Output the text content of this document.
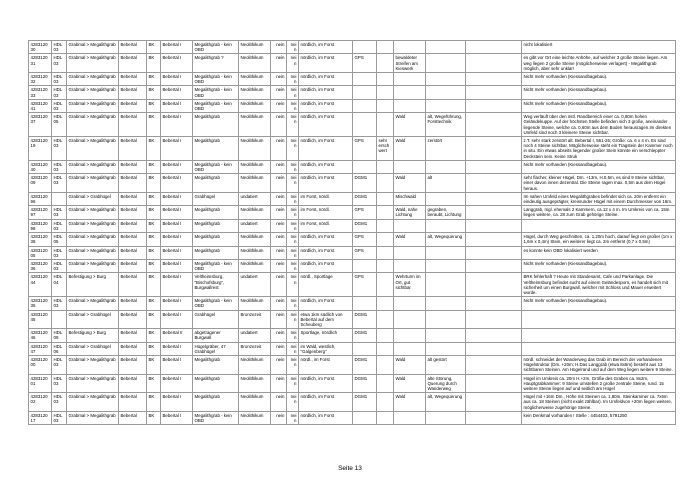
428312030	HDL 03	Grabmal > Megalithgrab	Bebertal	BK	Bebertal I	Megalithgrab - kein OBD	Neolithikum	nein	nein	nördlich, im Forst						nicht lokalisiert
428312031	HDL 03	Grabmal > Megalithgrab	Bebertal	BK	Bebertal I	Megalithgrab ?	Neolithikum	nein	nein	nördlich, im Forst	GPS		bewaldeter Streifen am Kieswerk			es gibt vor Ort eine leichte Anhöhe, auf welcher 3 große Steine liegen. Am weg liegen 2 große Steine (möglicherweise verlagert) - Megalithgrab möglich, aber sehr unklar!
428312032	HDL 03	Grabmal > Megalithgrab	Bebertal	BK	Bebertal I	Megalithgrab - kein OBD	Neolithikum	nein	nein	nördlich, im Forst						Nicht mehr vorhanden (Kiessandbagebau).
428312033	HDL 03	Grabmal > Megalithgrab	Bebertal	BK	Bebertal I	Megalithgrab - kein OBD	Neolithikum	nein	nein	nördlich, im Forst						Nicht mehr vorhanden (Kiessandbagebau).
428312041	HDL 03	Grabmal > Megalithgrab	Bebertal	BK	Bebertal I	Megalithgrab - kein OBD	Neolithikum	nein	nein	nördlich, im Forst						Nicht mehr vorhanden (Kiessandbagebau).
428312037	HDL 05	Grabmal > Megalithgrab	Bebertal	BK	Bebertal I	Megalithgrab	Neolithikum	nein	nein	nördlich, im Forst			Wald	alt, Wegeführung, Forsttechnik		Weg verläuft über den östl. Randbereich einer ca. 0,80m hohen Geländekuppe. Auf der höchsten Stelle befinden sich 3 große, aneinander liegende Steine, welche ca. 0,60m aus dem Boden herausragen.Im direkten Umfeld sind noch 3 kleinere Steine sichtbar.
428312019	HDL 03	Grabmal > Megalithgrab	Bebertal	BK	Bebertal I	Megalithgrab	Neolithikum	nein	nein	nördlich, im Forst	GPS	sehr erschwert	Wald	zerstört		z.T. sehr stark zerstört alt. Bebertal I, 561-26; Größe: ca. 6 x 4 m. Es sind noch 4 Steine sichtbar. Möglicherweise steht ein Tragstein der Kammer noch in situ. Ein etwas abseits liegender großer Stein könnte ein verschleppter Deckstein sein. Keine Struk
428312040	HDL 03	Grabmal > Megalithgrab	Bebertal	BK	Bebertal I	Megalithgrab - kein OBD	Neolithikum	nein	nein	nördlich, im Forst						Nicht mehr vorhanden (Kiessandbagebau).
428312009	HDL 03	Grabmal > Megalithgrab	Bebertal	BK	Bebertal I	Megalithgrab	Neolithikum	nein	nein	nördlich, im Forst	DGM1		Wald	alt		sehr flacher, kleiner Hügel, Dm. +13m, H.0,5m, es sind 9 Steine sichtbar, einer davon innen dezentral. Die Steine ragen max. 0,5m aus dem Hügel heraus.
428312096		Grabmal > Grabhügel	Bebertal	BK	Bebertal I	Grabhügel	undatiert	nein	nein	im Forst, nördl.	DGM1		Mischwald			Im nahen Umfeld eines Megalithgrabes befindet sich ca. 20m entfernt ein eindeutig ausgeprägter, kreisrunder Hügel mit einem Durchmesser von 16m.
428312097	HDL 03	Grabmal > Megalithgrab	Bebertal	BK	Bebertal I	Megalithgrab	Neolithikum	nein	nein	im Forst, nördl.	GPS		Wald, nahe Lichtung	gegraben, beraubt, Lichtung		Langgrab, mgl. ehemals 2 Kammern, ca.12 x 4 m. Im Umkreis von ca. 15m liegen weitere, ca. 28 zum Grab gehörige Steine.
428312098	HDL 03	Grabmal > Megalithgrab	Bebertal	BK	Bebertal I	Megalithgrab	undatiert	nein	nein	im Forst, nördl.	DGM1					
428312038	HDL 05	Grabmal > Megalithgrab	Bebertal	BK	Bebertal I	Megalithgrab	Neolithikum	nein	nein	nördlich, im Forst	GPS		Wald	alt, Wegequerung		Hügel, durch Weg geschnitten, ca. 1,20m hoch, darauf liegt ein großer (1m x 1,6m x 0,4m) Stein, ein weiterer liegt ca. 2m entfernt (0,7 x 0,5m)
428312005	HDL 03	Grabmal > Megalithgrab	Bebertal	BK	Bebertal I	Megalithgrab	Neolithikum	nein	nein	nördlich, im Forst	GPS					es konnte kein OBD lokalisiert werden
428312036	HDL 03	Grabmal > Megalithgrab	Bebertal	BK	Bebertal I	Megalithgrab - kein OBD	Neolithikum	nein	nein	nördlich, im Forst						Nicht mehr vorhanden (Kiessandbagebau).
428312044	HDL 04	Befestigung > Burg	Bebertal	BK	Bebertal I	Veltheimsburg, "Bischofsburg", Burgwallrest	undatiert	nein	nein	nördl., Sportlage	GPS		Wehrturm im Ort, gut sichtbar			BRK fehlerhaft ? Heute mit Standesamt, Cafe und Parkanlage. Die Veltheimsburg befindet sucht auf einem Geländesporn, es handelt sich mit sicherheit um einen Burgwall, welcher mit Schloss und Mauer erweitert wurde.
428312035	HDL 03	Grabmal > Megalithgrab	Bebertal	BK	Bebertal I	Megalithgrab - kein OBD	Neolithikum	nein	nein	nördlich, im Forst						Nicht mehr vorhanden (Kiessandbagebau).
428312045		Grabmal > Grabhügel	Bebertal	BK	Bebertal I	Grabhügel	Bronzezeit	nein	nein	etwa 1km südlich von Bebertal auf dem Scheuberg	DGM1					
428312046	HDL 09	Befestigung > Burg	Bebertal	BK	Bebertal II	abgetragener Burgwall	undatiert	nein	nein	Sportlage, nördlich	DGM1					
428312047	HDL 06	Grabmal > Grabhügel	Bebertal	BK	Bebertal I	Hügelgräber, 47 Grabhügel	Bronzezeit	nein	nein	im Wald, westlich, "Galgenberg"						
428312000	HDL 03	Grabmal > Megalithgrab	Bebertal	BK	Bebertal I	Megalithgrab	Neolithikum	nein	nein	nördl., im Forst	DGM1		Wald	alt gestört		nördl. schneidet der Wanderweg das Grab im Bereich der vorhandenen Hügelstruktur (Dm. +20m; H.Das Langgrab (etwa 8x5m) besteht aus 13 sichtbaren Steinen. Am Hügelrand und auf dem Weg liegen weitere 9 Steine.
428312001	HDL 03	Grabmal > Megalithgrab	Bebertal	BK	Bebertal I	Megalithgrab	Neolithikum	nein	nein	nördlich, im Forst	DGM1		Wald	alte Störung, Querung durch Wanderweg		Hügel im Umkreis ca. 20m H.+2m, Größe des Grabes ca. 8x2m, Hauptgrabkammer: 9 Steine umstellen 2 große zentrale Steine, rund. 15 weitere Steine liegen auf und seitlich am Hügel
428312002	HDL 03	Grabmal > Megalithgrab	Bebertal	BK	Bebertal I	Megalithgrab	Neolithikum	nein	nein	nördlich, im Forst	DGM1		Wald	alt, Wegequerung		Hügel mit +16m Dm., Höhe mit Steinen ca. 1,80m. Steinkammer ca. 7x6m aus ca. 18 Steinen (nicht exakt zählbar). Im Umfeldvon +20m liegen weitere, möglicherweise zugehörige Steine.
428312017	HDL 03	Grabmal > Megalithgrab	Bebertal	BK	Bebertal I	Megalithgrab - kein OBD	Neolithikum	nein	nein	nördlich, im Forst						kein Denkmal vorhanden ! Stelle : 4454403, 5791250
Seite 13
